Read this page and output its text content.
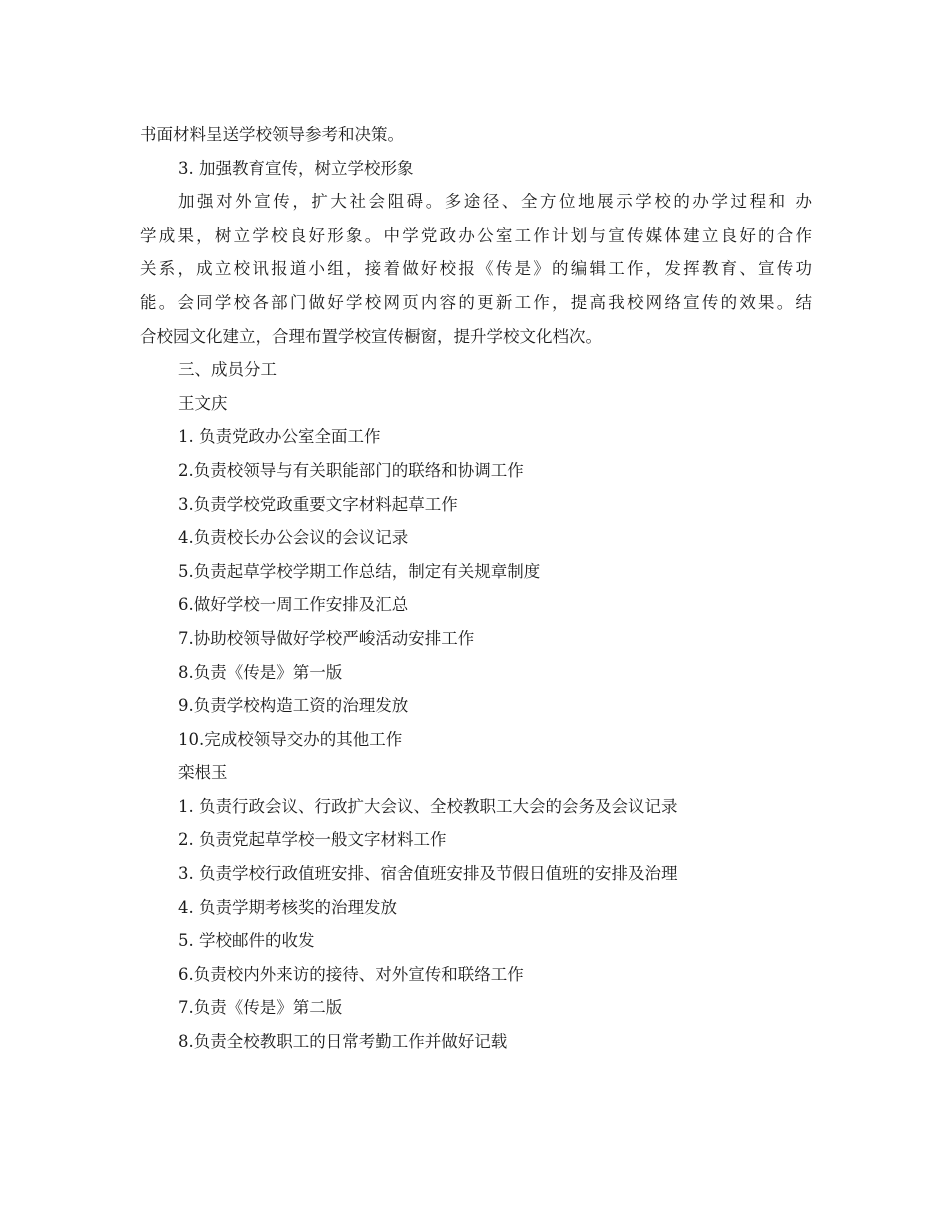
书面材料呈送学校领导参考和决策。
3. 加强教育宣传，树立学校形象
加强对外宣传，扩大社会阻碍。多途径、全方位地展示学校的办学过程和 办
学成果，树立学校良好形象。中学党政办公室工作计划与宣传媒体建立良好的合作
关系，成立校讯报道小组，接着做好校报《传是》的编辑工作，发挥教育、宣传功
能。会同学校各部门做好学校网页内容的更新工作，提高我校网络宣传的效果。结
合校园文化建立，合理布置学校宣传橱窗，提升学校文化档次。
三、成员分工
王文庆
1. 负责党政办公室全面工作
2.负责校领导与有关职能部门的联络和协调工作
3.负责学校党政重要文字材料起草工作
4.负责校长办公会议的会议记录
5.负责起草学校学期工作总结，制定有关规章制度
6.做好学校一周工作安排及汇总
7.协助校领导做好学校严峻活动安排工作
8.负责《传是》第一版
9.负责学校构造工资的治理发放
10.完成校领导交办的其他工作
栾根玉
1. 负责行政会议、行政扩大会议、全校教职工大会的会务及会议记录
2. 负责党起草学校一般文字材料工作
3. 负责学校行政值班安排、宿舍值班安排及节假日值班的安排及治理
4. 负责学期考核奖的治理发放
5. 学校邮件的收发
6.负责校内外来访的接待、对外宣传和联络工作
7.负责《传是》第二版
8.负责全校教职工的日常考勤工作并做好记载
